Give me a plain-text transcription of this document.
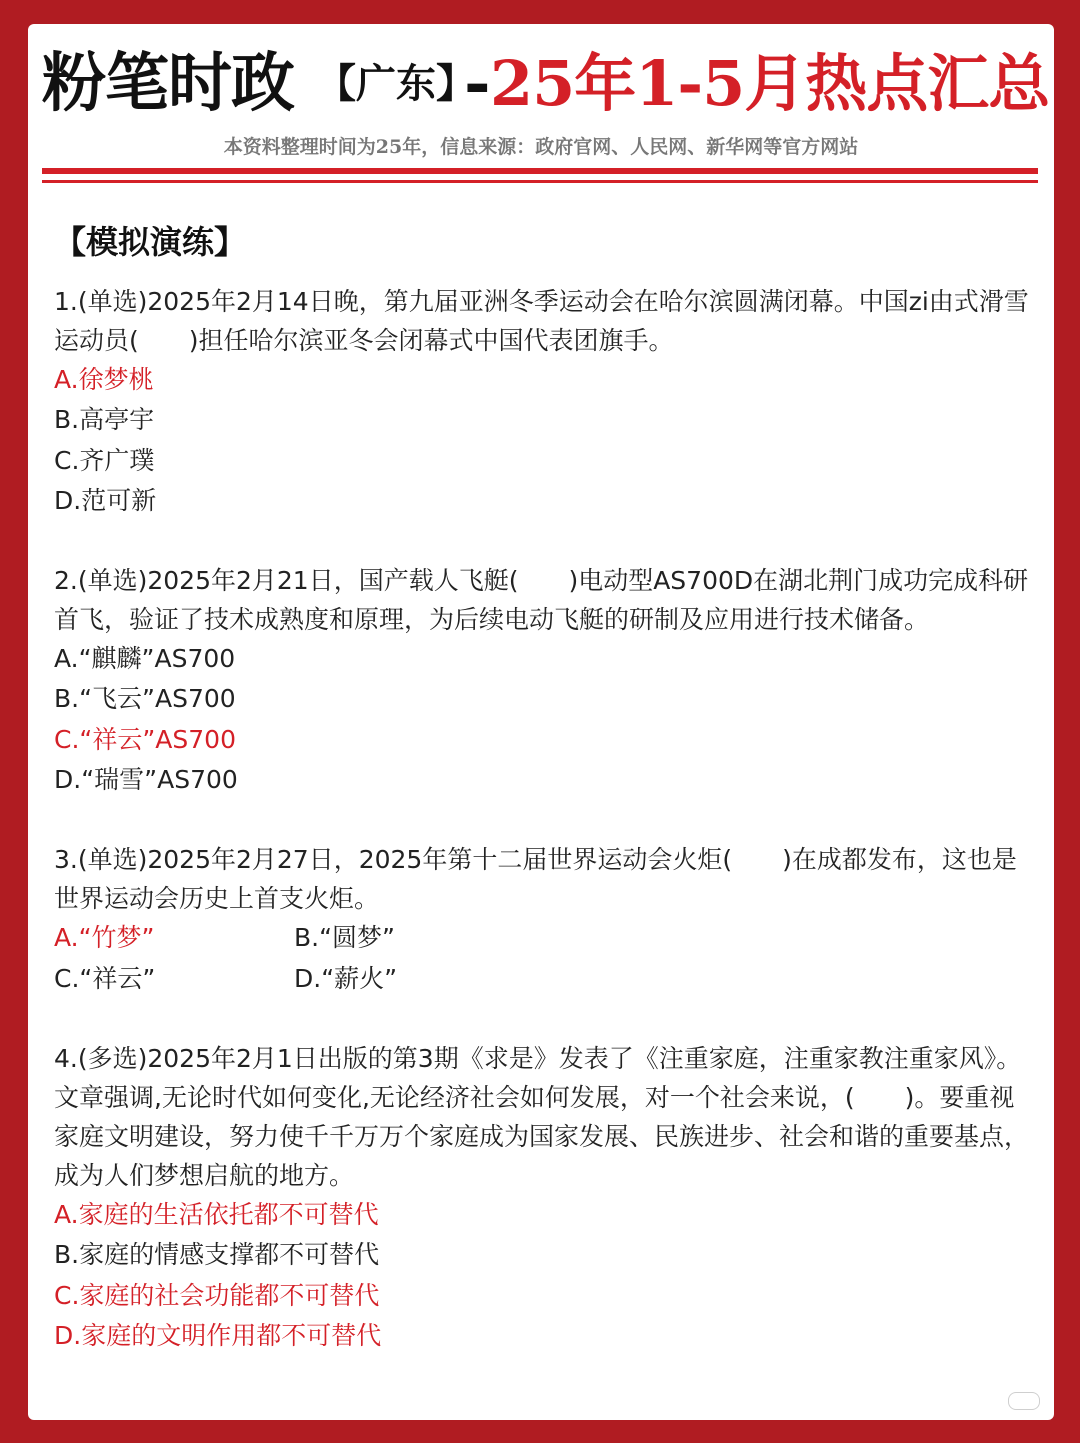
粉笔时政 【广东】
- 25年1-5月热点汇总
本资料整理时间为25年，信息来源：政府官网、人民网、新华网等官方网站
【模拟演练】
1.(单选)2025年2月14日晚，第九届亚洲冬季运动会在哈尔滨圆满闭幕。中国zi由式滑雪运动员(　　)担任哈尔滨亚冬会闭幕式中国代表团旗手。
A.徐梦桃
B.高亭宇
C.齐广璞
D.范可新
2.(单选)2025年2月21日，国产载人飞艇(　　)电动型AS700D在湖北荆门成功完成科研首飞，验证了技术成熟度和原理，为后续电动飞艇的研制及应用进行技术储备。
A.“麒麟”AS700
B.“飞云”AS700
C.“祥云”AS700
D.“瑞雪”AS700
3.(单选)2025年2月27日，2025年第十二届世界运动会火炬(　　)在成都发布，这也是世界运动会历史上首支火炬。
A.“竹梦”	B.“圆梦”
C.“祥云”	D.“薪火”
4.(多选)2025年2月1日出版的第3期《求是》发表了《注重家庭，注重家教注重家风》。文章强调,无论时代如何变化,无论经济社会如何发展，对一个社会来说，(　　)。要重视家庭文明建设，努力使千千万万个家庭成为国家发展、民族进步、社会和谐的重要基点，成为人们梦想启航的地方。
A.家庭的生活依托都不可替代
B.家庭的情感支撑都不可替代
C.家庭的社会功能都不可替代
D.家庭的文明作用都不可替代
